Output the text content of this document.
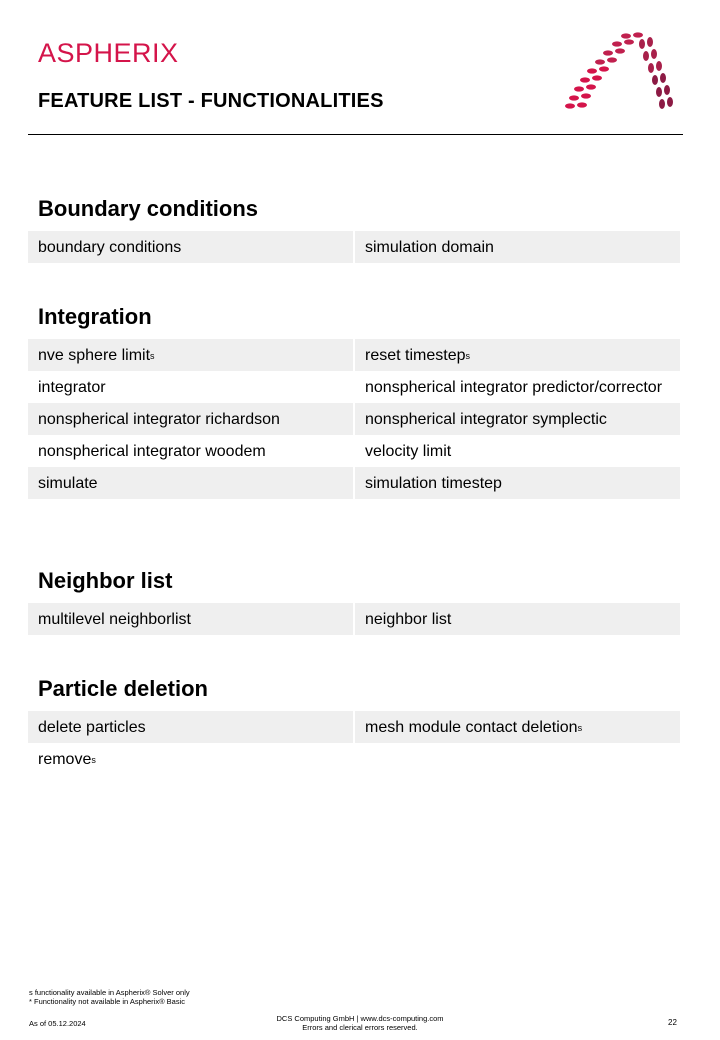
ASPHERIX
FEATURE LIST - FUNCTIONALITIES
Boundary conditions
boundary conditions	simulation domain
Integration
nve sphere limit$^s$	reset timestep$^s$
integrator	nonspherical integrator predictor/corrector
nonspherical integrator richardson	nonspherical integrator symplectic
nonspherical integrator woodem	velocity limit
simulate	simulation timestep
Neighbor list
multilevel neighborlist	neighbor list
Particle deletion
delete particles	mesh module contact deletion$^s$
remove$^s$
s functionality available in Aspherix® Solver only
* Functionality not available in Aspherix® Basic
As of 05.12.2024
DCS Computing GmbH | www.dcs-computing.com
Errors and clerical errors reserved.
22
